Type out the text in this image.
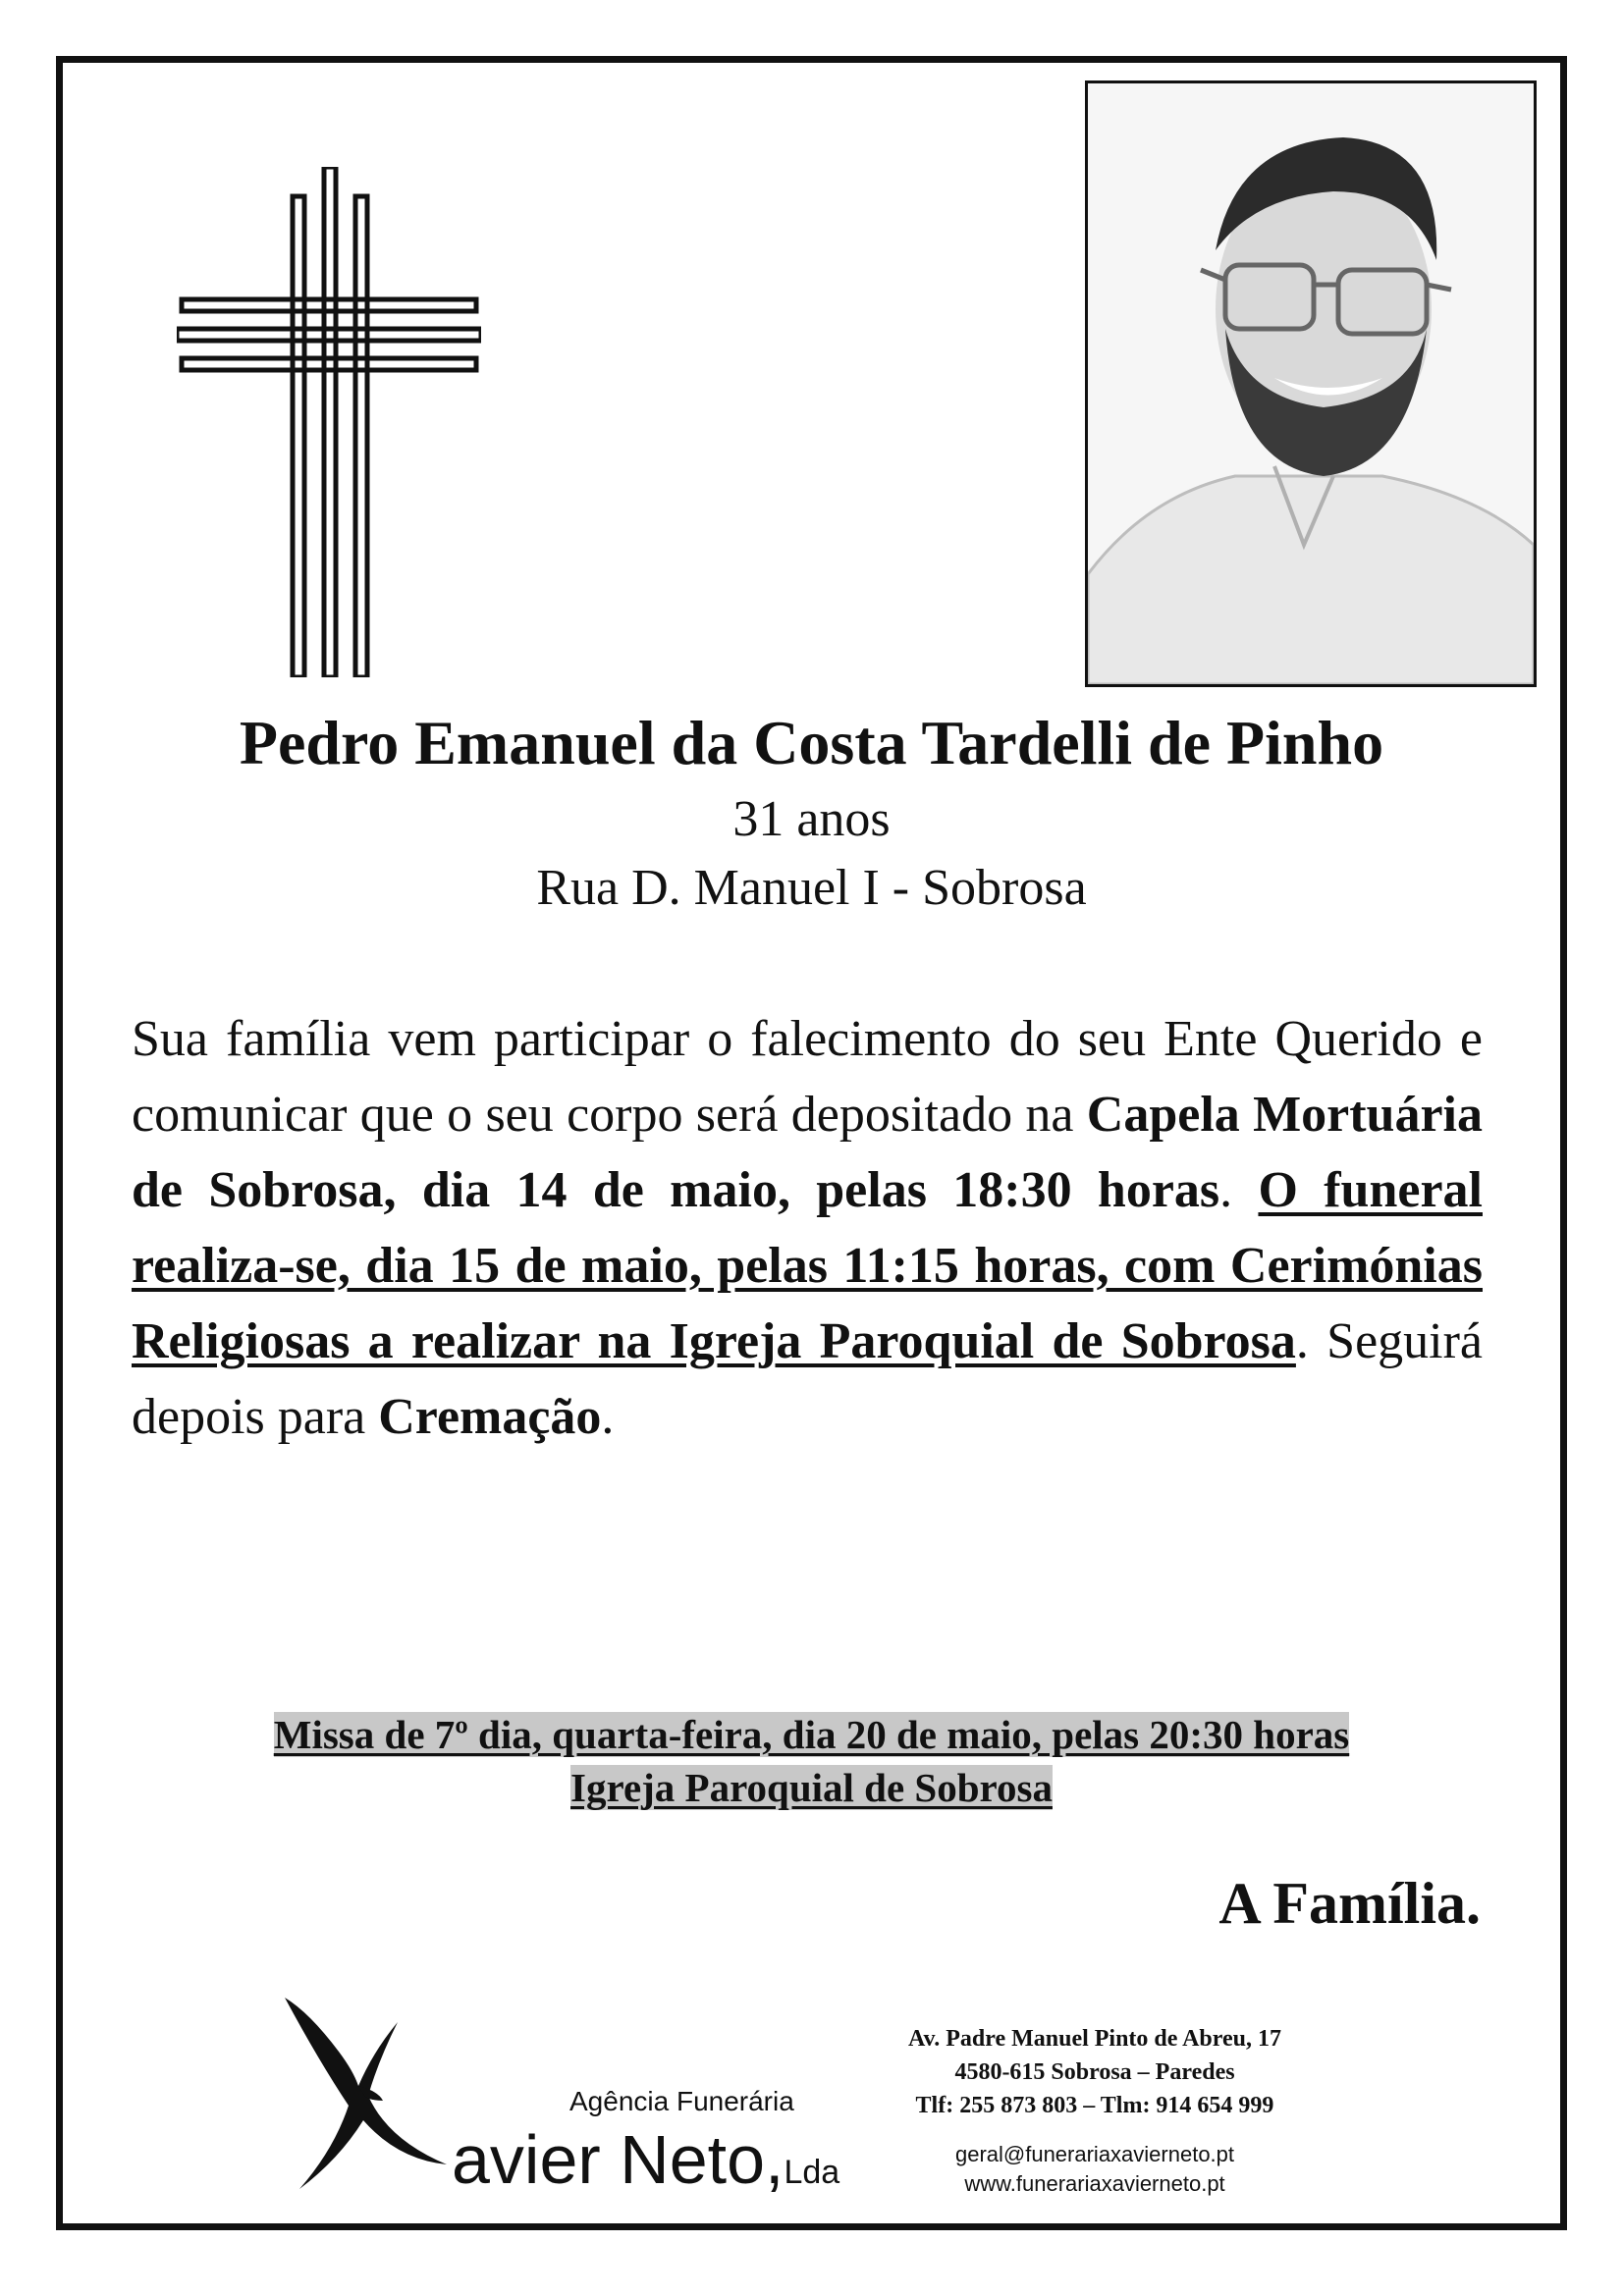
Pedro Emanuel da Costa Tardelli de Pinho
31 anos
Rua D. Manuel I - Sobrosa
Sua família vem participar o falecimento do seu Ente Querido e comunicar que o seu corpo será depositado na Capela Mortuária de Sobrosa, dia 14 de maio, pelas 18:30 horas. O funeral realiza-se, dia 15 de maio, pelas 11:15 horas, com Cerimónias Religiosas a realizar na Igreja Paroquial de Sobrosa. Seguirá depois para Cremação.
Missa de 7º dia, quarta-feira, dia 20 de maio, pelas 20:30 horas
Igreja Paroquial de Sobrosa
A Família.
Agência Funerária
avier Neto,Lda
Av. Padre Manuel Pinto de Abreu, 17
4580-615 Sobrosa – Paredes
Tlf: 255 873 803 – Tlm: 914 654 999
geral@funerariaxavierneto.pt
www.funerariaxavierneto.pt
